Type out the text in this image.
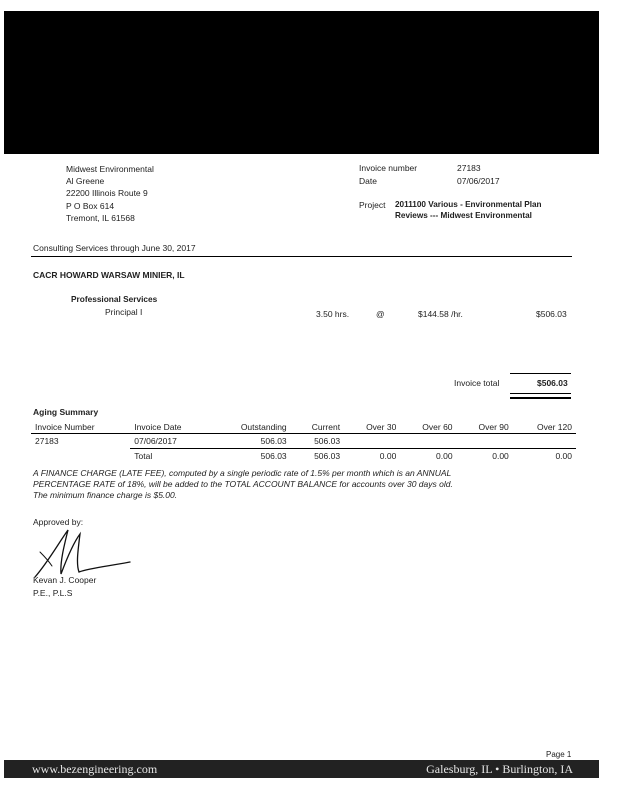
Midwest Environmental
Al Greene
22200 Illinois Route 9
P O Box 614
Tremont, IL 61568
Invoice number	27183
Date	07/06/2017
Project 2011100 Various - Environmental Plan
Reviews --- Midwest Environmental
Consulting Services through June 30, 2017
CACR HOWARD WARSAW MINIER, IL
Professional Services
Principal I	3.50 hrs.	@	$144.58 /hr.	$506.03
Invoice total	$506.03
Aging Summary
Invoice Number	Invoice Date	Outstanding	Current	Over 30	Over 60	Over 90	Over 120
27183	07/06/2017	506.03	506.03				
	Total	506.03	506.03	0.00	0.00	0.00	0.00
A FINANCE CHARGE (LATE FEE), computed by a single periodic rate of 1.5% per month which is an ANNUAL
PERCENTAGE RATE of 18%, will be added to the TOTAL ACCOUNT BALANCE for accounts over 30 days old.
The minimum finance charge is $5.00.
Approved by:
Kevan J. Cooper
P.E., P.L.S
Page 1
www.bezengineering.com	Galesburg, IL • Burlington, IA
